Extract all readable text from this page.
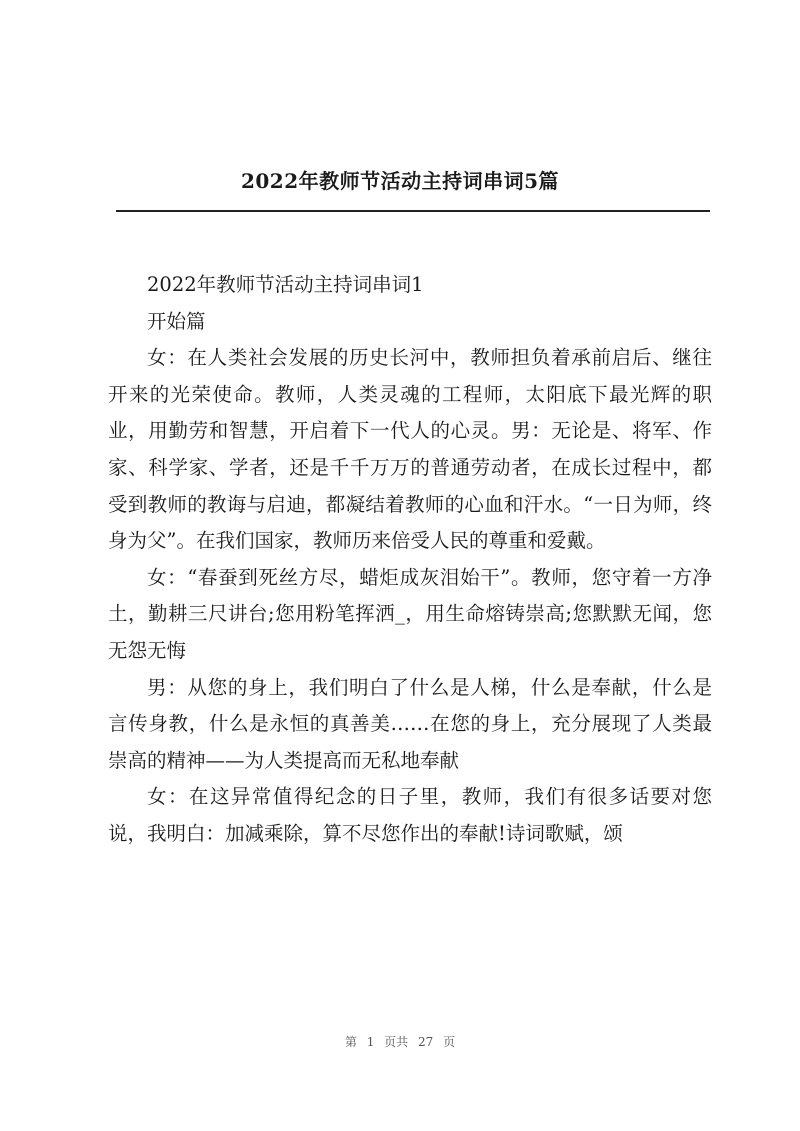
2022年教师节活动主持词串词5篇

2022年教师节活动主持词串词1

开始篇

女：在人类社会发展的历史长河中，教师担负着承前启后、继往开来的光荣使命。教师，人类灵魂的工程师，太阳底下最光辉的职业，用勤劳和智慧，开启着下一代人的心灵。男：无论是、将军、作家、科学家、学者，还是千千万万的普通劳动者，在成长过程中，都受到教师的教诲与启迪，都凝结着教师的心血和汗水。“一日为师，终身为父”。在我们国家，教师历来倍受人民的尊重和爱戴。

女：“春蚕到死丝方尽，蜡炬成灰泪始干”。教师，您守着一方净土，勤耕三尺讲台;您用粉笔挥洒_，用生命熔铸崇高;您默默无闻，您无怨无悔

男：从您的身上，我们明白了什么是人梯，什么是奉献，什么是言传身教，什么是永恒的真善美……在您的身上，充分展现了人类最崇高的精神——为人类提高而无私地奉献

女：在这异常值得纪念的日子里，教师，我们有很多话要对您说，我明白：加减乘除，算不尽您作出的奉献!诗词歌赋，颂

第 1 页共 27 页
